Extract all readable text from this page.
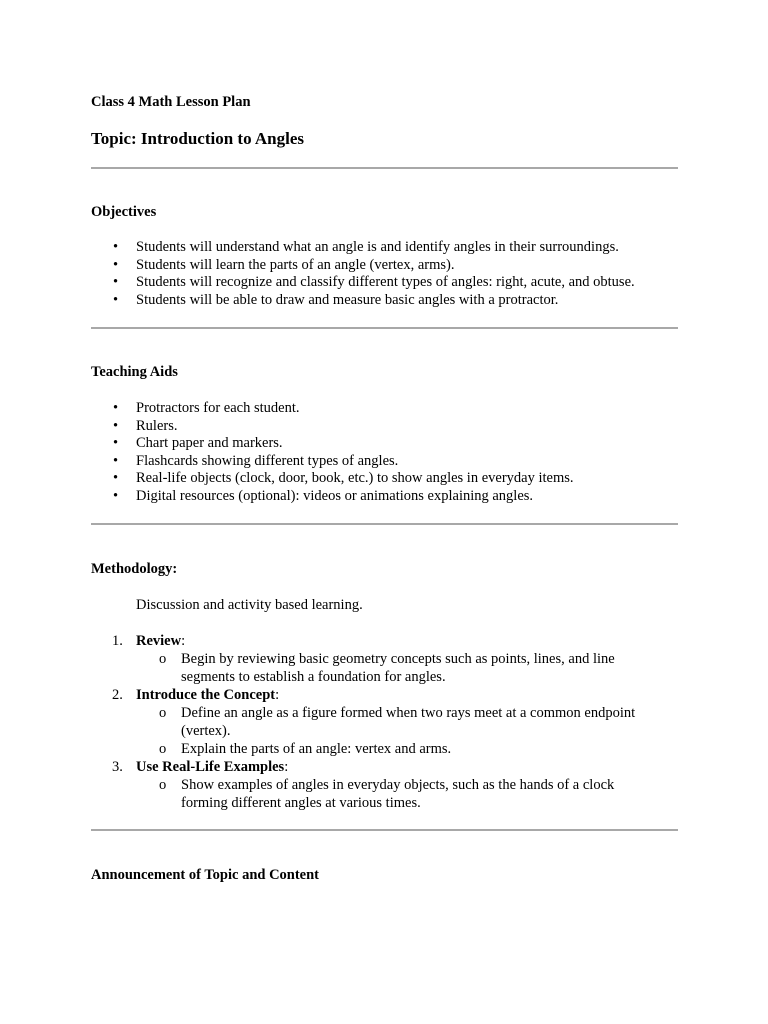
Class 4 Math Lesson Plan
Topic: Introduction to Angles
Objectives
• Students will understand what an angle is and identify angles in their surroundings.
• Students will learn the parts of an angle (vertex, arms).
• Students will recognize and classify different types of angles: right, acute, and obtuse.
• Students will be able to draw and measure basic angles with a protractor.
Teaching Aids
• Protractors for each student.
• Rulers.
• Chart paper and markers.
• Flashcards showing different types of angles.
• Real-life objects (clock, door, book, etc.) to show angles in everyday items.
• Digital resources (optional): videos or animations explaining angles.
Methodology:
Discussion and activity based learning.
1. Review:
o Begin by reviewing basic geometry concepts such as points, lines, and line segments to establish a foundation for angles.
2. Introduce the Concept:
o Define an angle as a figure formed when two rays meet at a common endpoint (vertex).
o Explain the parts of an angle: vertex and arms.
3. Use Real-Life Examples:
o Show examples of angles in everyday objects, such as the hands of a clock forming different angles at various times.
Announcement of Topic and Content
